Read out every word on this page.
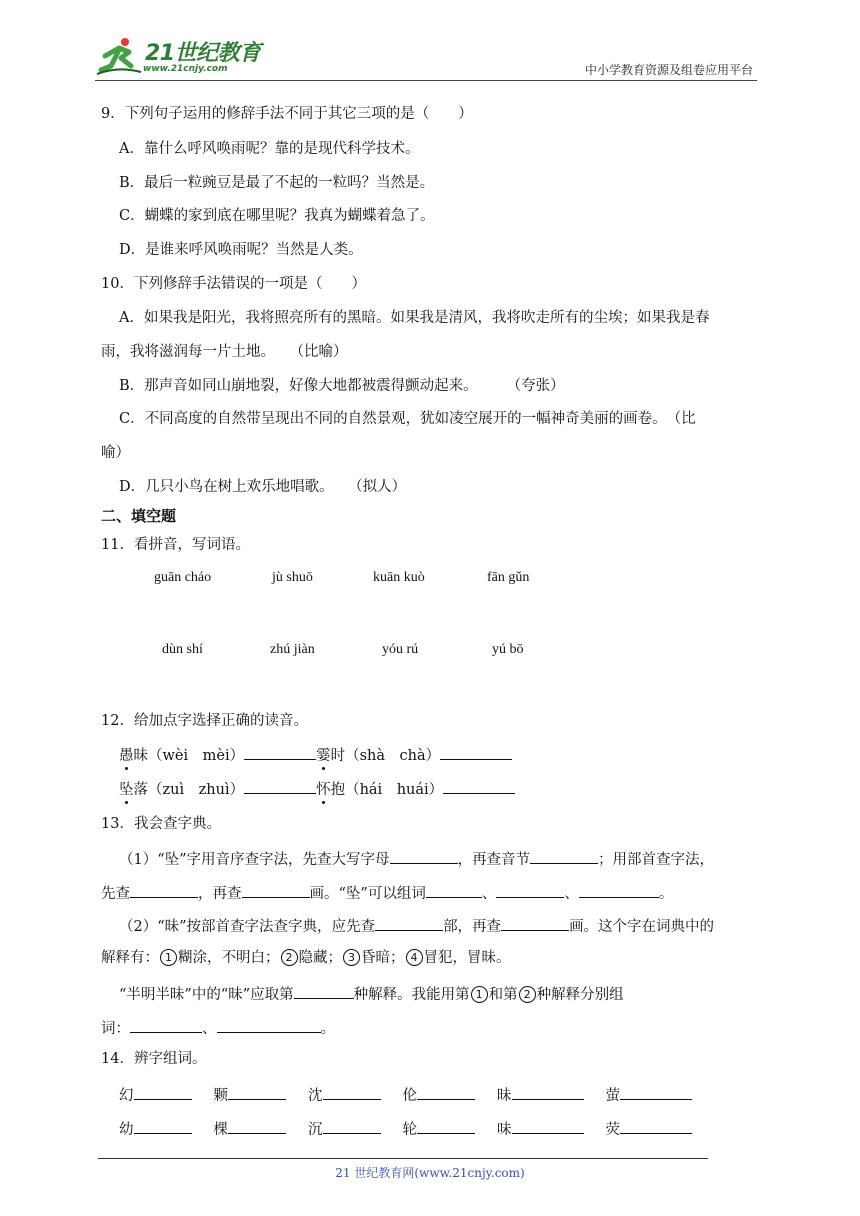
21世纪教育
www.21cnjy.com	中小学教育资源及组卷应用平台
9．下列句子运用的修辞手法不同于其它三项的是（　　）
A．靠什么呼风唤雨呢？靠的是现代科学技术。
B．最后一粒豌豆是最了不起的一粒吗？当然是。
C．蝴蝶的家到底在哪里呢？我真为蝴蝶着急了。
D．是谁来呼风唤雨呢？当然是人类。
10．下列修辞手法错误的一项是（　　）
A．如果我是阳光，我将照亮所有的黑暗。如果我是清风，我将吹走所有的尘埃；如果我是春
雨，我将滋润每一片土地。　　（比喻）
B．那声音如同山崩地裂，好像大地都被震得颤动起来。　　　（夸张）
C．不同高度的自然带呈现出不同的自然景观，犹如凌空展开的一幅神奇美丽的画卷。　（比
喻）
D．几只小鸟在树上欢乐地唱歌。　　（拟人）
二、填空题
11．看拼音，写词语。
guān cháo	jù shuō	kuān kuò	fān gǔn
dùn shí	zhú jiàn	yóu rú	yú bō
12．给加点字选择正确的读音。
愚昧（wèi　mèi）	霎时（shà　chà）
坠落（zuì　zhuì）	怀抱（hái　huái）
13．我会查字典。
（1）“坠”字用音序查字法，先查大写字母	，再查音节	；用部首查字法，
先查	，再查	画。“坠”可以组词	、	、	。
（2）“昧”按部首查字法查字典，应先查	部，再查	画。这个字在词典中的
解释有： 1 糊涂，不明白； 2 隐藏； 3 昏暗； 4 冒犯，冒昧。
“半明半昧”中的“昧”应取第	种解释。我能用第 1 和第 2 种解释分别组
词：	、	。
14．辨字组词。
幻	颗	沈	伦	昧	萤
幼	棵	沉	轮	味	荧
21 世纪教育网(www.21cnjy.com)
